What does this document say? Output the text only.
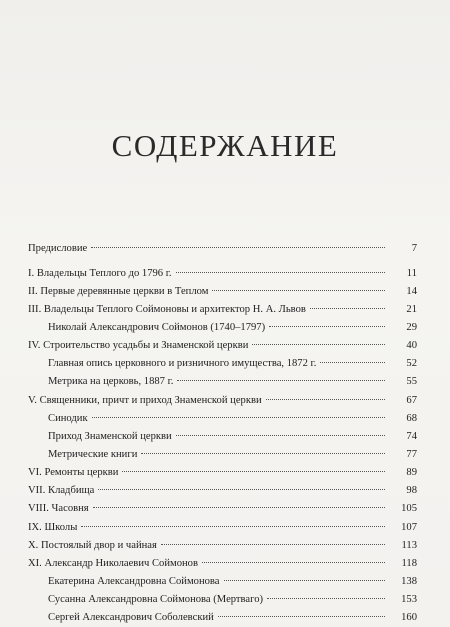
СОДЕРЖАНИЕ
Предисловие	7
I. Владельцы Теплого до 1796 г.	11
II. Первые деревянные церкви в Теплом	14
III. Владельцы Теплого Соймоновы и архитектор Н. А. Львов	21
Николай Александрович Соймонов (1740–1797)	29
IV. Строительство усадьбы и Знаменской церкви	40
Главная опись церковного и ризничного имущества, 1872 г.	52
Метрика на церковь, 1887 г.	55
V. Священники, причт и приход Знаменской церкви	67
Синодик	68
Приход Знаменской церкви	74
Метрические книги	77
VI. Ремонты церкви	89
VII. Кладбища	98
VIII. Часовня	105
IX. Школы	107
X. Постоялый двор и чайная	113
XI. Александр Николаевич Соймонов	118
Екатерина Александровна Соймонова	138
Сусанна Александровна Соймонова (Мертваго)	153
Сергей Александрович Соболевский	160
